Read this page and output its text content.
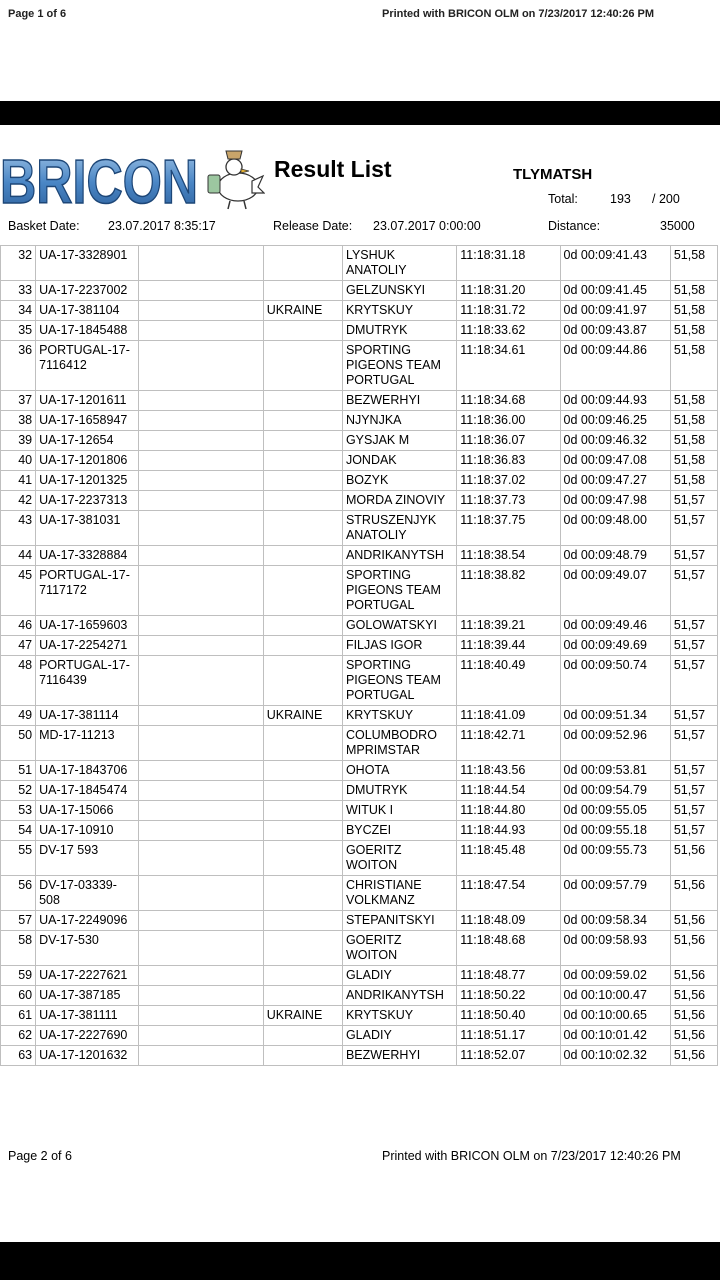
Page 1 of 6	Printed with BRICON OLM on 7/23/2017 12:40:26 PM
BRICON	Result List	TLYMATSH
Total:	193 / 200
Basket Date: 23.07.2017 8:35:17	Release Date: 23.07.2017 0:00:00	Distance:	35000
32	UA-17-3328901			LYSHUK ANATOLIY	11:18:31.18	0d 00:09:41.43	51,58
33	UA-17-2237002			GELZUNSKYI	11:18:31.20	0d 00:09:41.45	51,58
34	UA-17-381104		UKRAINE	KRYTSKUY	11:18:31.72	0d 00:09:41.97	51,58
35	UA-17-1845488			DMUTRYK	11:18:33.62	0d 00:09:43.87	51,58
36	PORTUGAL-17-7116412			SPORTING PIGEONS TEAM PORTUGAL	11:18:34.61	0d 00:09:44.86	51,58
37	UA-17-1201611			BEZWERHYI	11:18:34.68	0d 00:09:44.93	51,58
38	UA-17-1658947			NJYNJKA	11:18:36.00	0d 00:09:46.25	51,58
39	UA-17-12654			GYSJAK M	11:18:36.07	0d 00:09:46.32	51,58
40	UA-17-1201806			JONDAK	11:18:36.83	0d 00:09:47.08	51,58
41	UA-17-1201325			BOZYK	11:18:37.02	0d 00:09:47.27	51,58
42	UA-17-2237313			MORDA ZINOVIY	11:18:37.73	0d 00:09:47.98	51,57
43	UA-17-381031			STRUSZENJYK ANATOLIY	11:18:37.75	0d 00:09:48.00	51,57
44	UA-17-3328884			ANDRIKANYTSH	11:18:38.54	0d 00:09:48.79	51,57
45	PORTUGAL-17-7117172			SPORTING PIGEONS TEAM PORTUGAL	11:18:38.82	0d 00:09:49.07	51,57
46	UA-17-1659603			GOLOWATSKYI	11:18:39.21	0d 00:09:49.46	51,57
47	UA-17-2254271			FILJAS IGOR	11:18:39.44	0d 00:09:49.69	51,57
48	PORTUGAL-17-7116439			SPORTING PIGEONS TEAM PORTUGAL	11:18:40.49	0d 00:09:50.74	51,57
49	UA-17-381114		UKRAINE	KRYTSKUY	11:18:41.09	0d 00:09:51.34	51,57
50	MD-17-11213			COLUMBODRO MPRIMSTAR	11:18:42.71	0d 00:09:52.96	51,57
51	UA-17-1843706			OHOTA	11:18:43.56	0d 00:09:53.81	51,57
52	UA-17-1845474			DMUTRYK	11:18:44.54	0d 00:09:54.79	51,57
53	UA-17-15066			WITUK I	11:18:44.80	0d 00:09:55.05	51,57
54	UA-17-10910			BYCZEI	11:18:44.93	0d 00:09:55.18	51,57
55	DV-17 593			GOERITZ WOITON	11:18:45.48	0d 00:09:55.73	51,56
56	DV-17-03339-508			CHRISTIANE VOLKMANZ	11:18:47.54	0d 00:09:57.79	51,56
57	UA-17-2249096			STEPANITSKYI	11:18:48.09	0d 00:09:58.34	51,56
58	DV-17-530			GOERITZ WOITON	11:18:48.68	0d 00:09:58.93	51,56
59	UA-17-2227621			GLADIY	11:18:48.77	0d 00:09:59.02	51,56
60	UA-17-387185			ANDRIKANYTSH	11:18:50.22	0d 00:10:00.47	51,56
61	UA-17-381111		UKRAINE	KRYTSKUY	11:18:50.40	0d 00:10:00.65	51,56
62	UA-17-2227690			GLADIY	11:18:51.17	0d 00:10:01.42	51,56
63	UA-17-1201632			BEZWERHYI	11:18:52.07	0d 00:10:02.32	51,56
Page 2 of 6	Printed with BRICON OLM on 7/23/2017 12:40:26 PM
